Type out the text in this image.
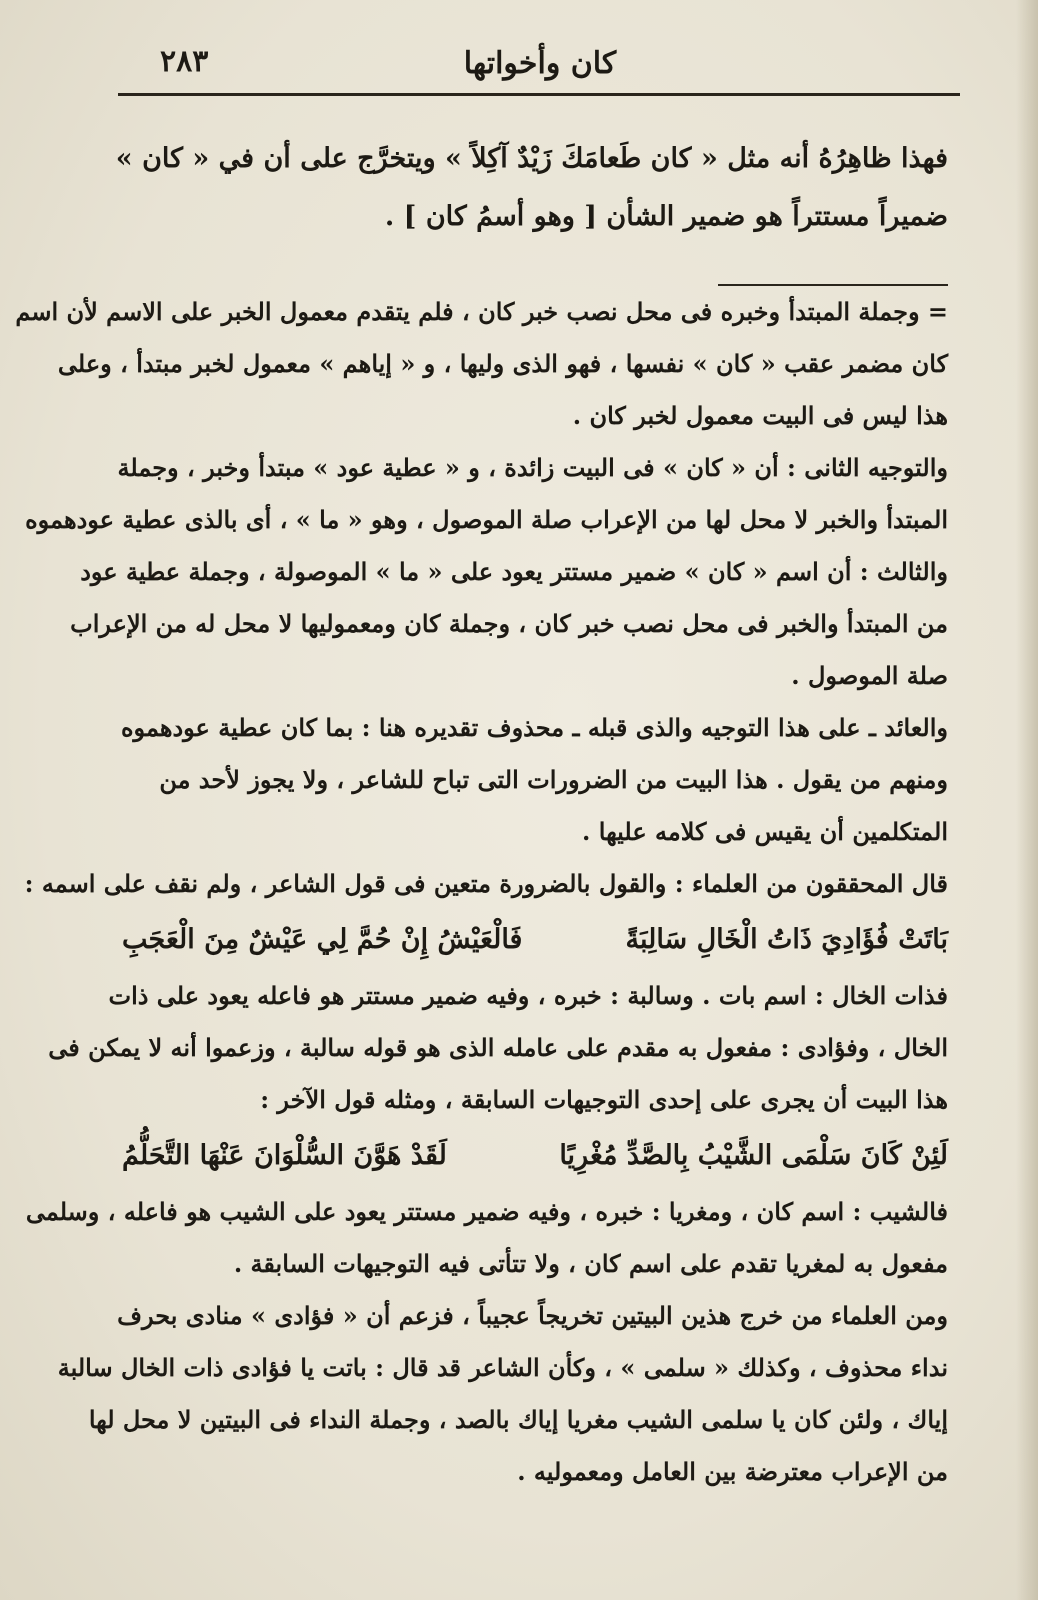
كان وأخواتها
٢٨٣

فهذا ظاهِرُهُ أنه مثل « كان طَعامَكَ زَيْدٌ آكِلاً » ويتخرَّج على أن في « كان »

ضميراً مستتراً هو ضمير الشأن [ وهو أسمُ كان ] .

= وجملة المبتدأ وخبره فى محل نصب خبر كان ، فلم يتقدم معمول الخبر على الاسم لأن اسم

كان مضمر عقب « كان » نفسها ، فهو الذى وليها ، و « إياهم » معمول لخبر مبتدأ ، وعلى

هذا ليس فى البيت معمول لخبر كان .

والتوجيه الثانى : أن « كان » فى البيت زائدة ، و « عطية عود » مبتدأ وخبر ، وجملة

المبتدأ والخبر لا محل لها من الإعراب صلة الموصول ، وهو « ما » ، أى بالذى عطية عودهموه

والثالث : أن اسم « كان » ضمير مستتر يعود على « ما » الموصولة ، وجملة عطية عود

من المبتدأ والخبر فى محل نصب خبر كان ، وجملة كان ومعموليها لا محل له من الإعراب

صلة الموصول .

والعائد ـ على هذا التوجيه والذى قبله ـ محذوف تقديره هنا : بما كان عطية عودهموه

ومنهم من يقول . هذا البيت من الضرورات التى تباح للشاعر ، ولا يجوز لأحد من

المتكلمين أن يقيس فى كلامه عليها .

قال المحققون من العلماء : والقول بالضرورة متعين فى قول الشاعر ، ولم نقف على اسمه :

بَاتَتْ فُؤَادِيَ ذَاتُ الْخَالِ سَالِبَةً
فَالْعَيْشُ إِنْ حُمَّ لِي عَيْشٌ مِنَ الْعَجَبِ

فذات الخال : اسم بات . وسالبة : خبره ، وفيه ضمير مستتر هو فاعله يعود على ذات

الخال ، وفؤادى : مفعول به مقدم على عامله الذى هو قوله سالبة ، وزعموا أنه لا يمكن فى

هذا البيت أن يجرى على إحدى التوجيهات السابقة ، ومثله قول الآخر :

لَئِنْ كَانَ سَلْمَى الشَّيْبُ بِالصَّدِّ مُغْرِيًا
لَقَدْ هَوَّنَ السُّلْوَانَ عَنْهَا التَّحَلُّمُ

فالشيب : اسم كان ، ومغريا : خبره ، وفيه ضمير مستتر يعود على الشيب هو فاعله ، وسلمى

مفعول به لمغريا تقدم على اسم كان ، ولا تتأتى فيه التوجيهات السابقة .

ومن العلماء من خرج هذين البيتين تخريجاً عجيباً ، فزعم أن « فؤادى » منادى بحرف

نداء محذوف ، وكذلك « سلمى » ، وكأن الشاعر قد قال : باتت يا فؤادى ذات الخال سالبة

إياك ، ولئن كان يا سلمى الشيب مغريا إياك بالصد ، وجملة النداء فى البيتين لا محل لها

من الإعراب معترضة بين العامل ومعموليه .
